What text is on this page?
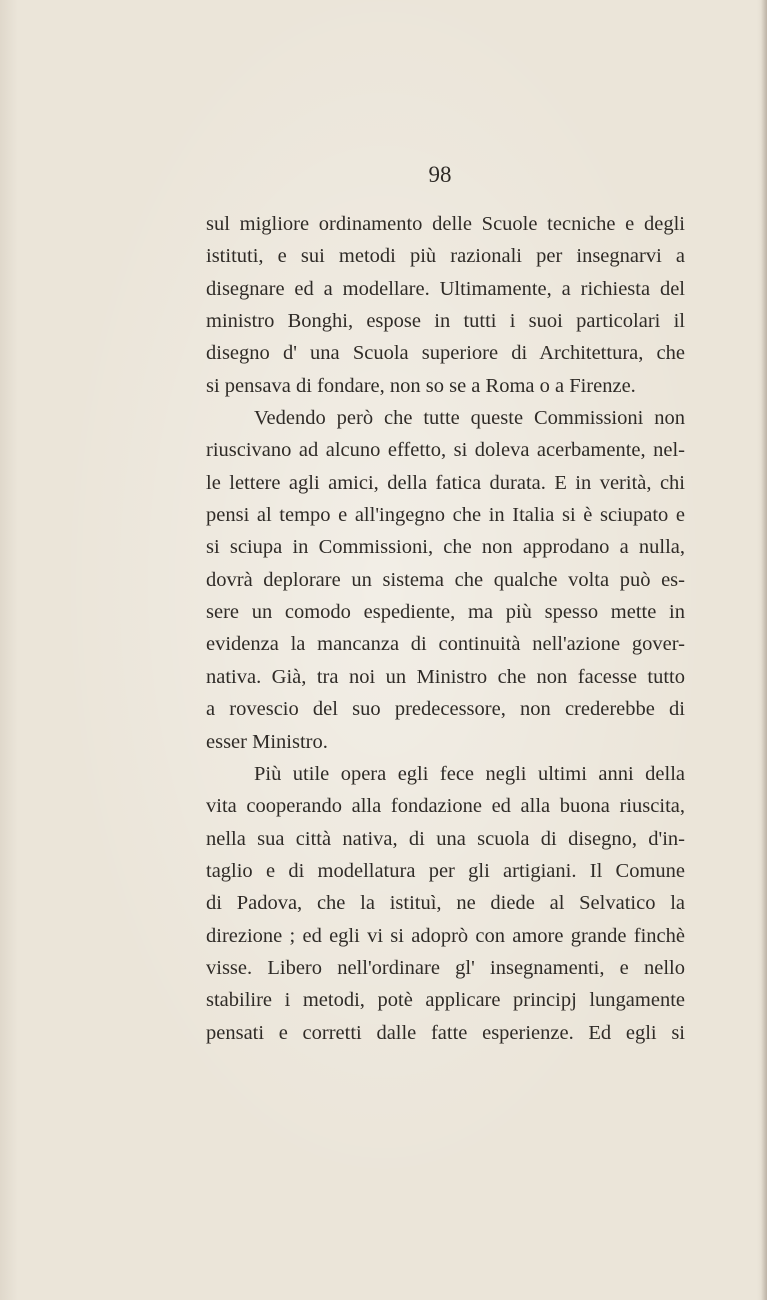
98
sul migliore ordinamento delle Scuole tecniche e degli
istituti, e sui metodi più razionali per insegnarvi a
disegnare ed a modellare. Ultimamente, a richiesta del
ministro Bonghi, espose in tutti i suoi particolari il
disegno d' una Scuola superiore di Architettura, che
si pensava di fondare, non so se a Roma o a Firenze.
Vedendo però che tutte queste Commissioni non
riuscivano ad alcuno effetto, si doleva acerbamente, nel-
le lettere agli amici, della fatica durata. E in verità, chi
pensi al tempo e all'ingegno che in Italia si è sciupato e
si sciupa in Commissioni, che non approdano a nulla,
dovrà deplorare un sistema che qualche volta può es-
sere un comodo espediente, ma più spesso mette in
evidenza la mancanza di continuità nell'azione gover-
nativa. Già, tra noi un Ministro che non facesse tutto
a rovescio del suo predecessore, non crederebbe di
esser Ministro.
Più utile opera egli fece negli ultimi anni della
vita cooperando alla fondazione ed alla buona riuscita,
nella sua città nativa, di una scuola di disegno, d'in-
taglio e di modellatura per gli artigiani. Il Comune
di Padova, che la istituì, ne diede al Selvatico la
direzione ; ed egli vi si adoprò con amore grande finchè
visse. Libero nell'ordinare gl' insegnamenti, e nello
stabilire i metodi, potè applicare principj lungamente
pensati e corretti dalle fatte esperienze. Ed egli si
